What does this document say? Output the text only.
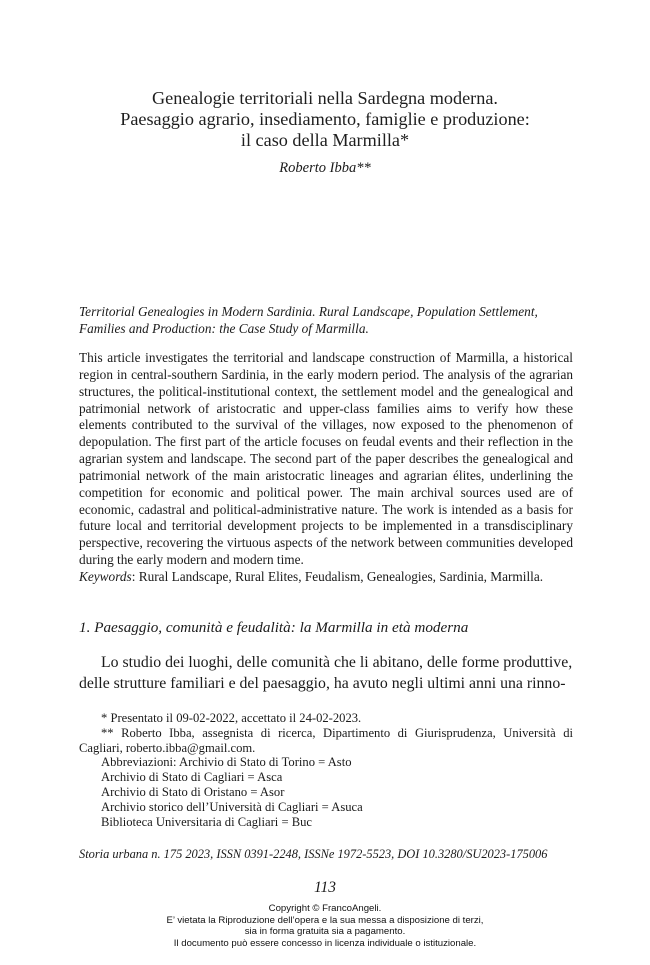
Genealogie territoriali nella Sardegna moderna.
Paesaggio agrario, insediamento, famiglie e produzione:
il caso della Marmilla*
Roberto Ibba**
Territorial Genealogies in Modern Sardinia. Rural Landscape, Population Settlement, Families and Production: the Case Study of Marmilla.
This article investigates the territorial and landscape construction of Marmilla, a historical region in central-southern Sardinia, in the early modern period. The analysis of the agrarian structures, the political-institutional context, the settlement model and the genealogical and patrimonial network of aristocratic and upper-class families aims to verify how these elements contributed to the survival of the villages, now exposed to the phenomenon of depopulation. The first part of the article focuses on feudal events and their reflection in the agrarian system and landscape. The second part of the paper describes the genealogical and patrimonial network of the main aristocratic lineages and agrarian élites, underlining the competition for economic and political power. The main archival sources used are of economic, cadastral and political-administrative nature. The work is intended as a basis for future local and territorial development projects to be implemented in a transdisciplinary perspective, recovering the virtuous aspects of the network between communities developed during the early modern and modern time.
Keywords: Rural Landscape, Rural Elites, Feudalism, Genealogies, Sardinia, Marmilla.
1. Paesaggio, comunità e feudalità: la Marmilla in età moderna
Lo studio dei luoghi, delle comunità che li abitano, delle forme produttive,
delle strutture familiari e del paesaggio, ha avuto negli ultimi anni una rinno-
* Presentato il 09-02-2022, accettato il 24-02-2023.
** Roberto Ibba, assegnista di ricerca, Dipartimento di Giurisprudenza, Università di
Cagliari, roberto.ibba@gmail.com.
Abbreviazioni: Archivio di Stato di Torino = Asto
Archivio di Stato di Cagliari = Asca
Archivio di Stato di Oristano = Asor
Archivio storico dell’Università di Cagliari = Asuca
Biblioteca Universitaria di Cagliari = Buc
Storia urbana n. 175 2023, ISSN 0391-2248, ISSNe 1972-5523, DOI 10.3280/SU2023-175006
113
Copyright © FrancoAngeli.
E’ vietata la Riproduzione dell’opera e la sua messa a disposizione di terzi,
sia in forma gratuita sia a pagamento.
Il documento può essere concesso in licenza individuale o istituzionale.
